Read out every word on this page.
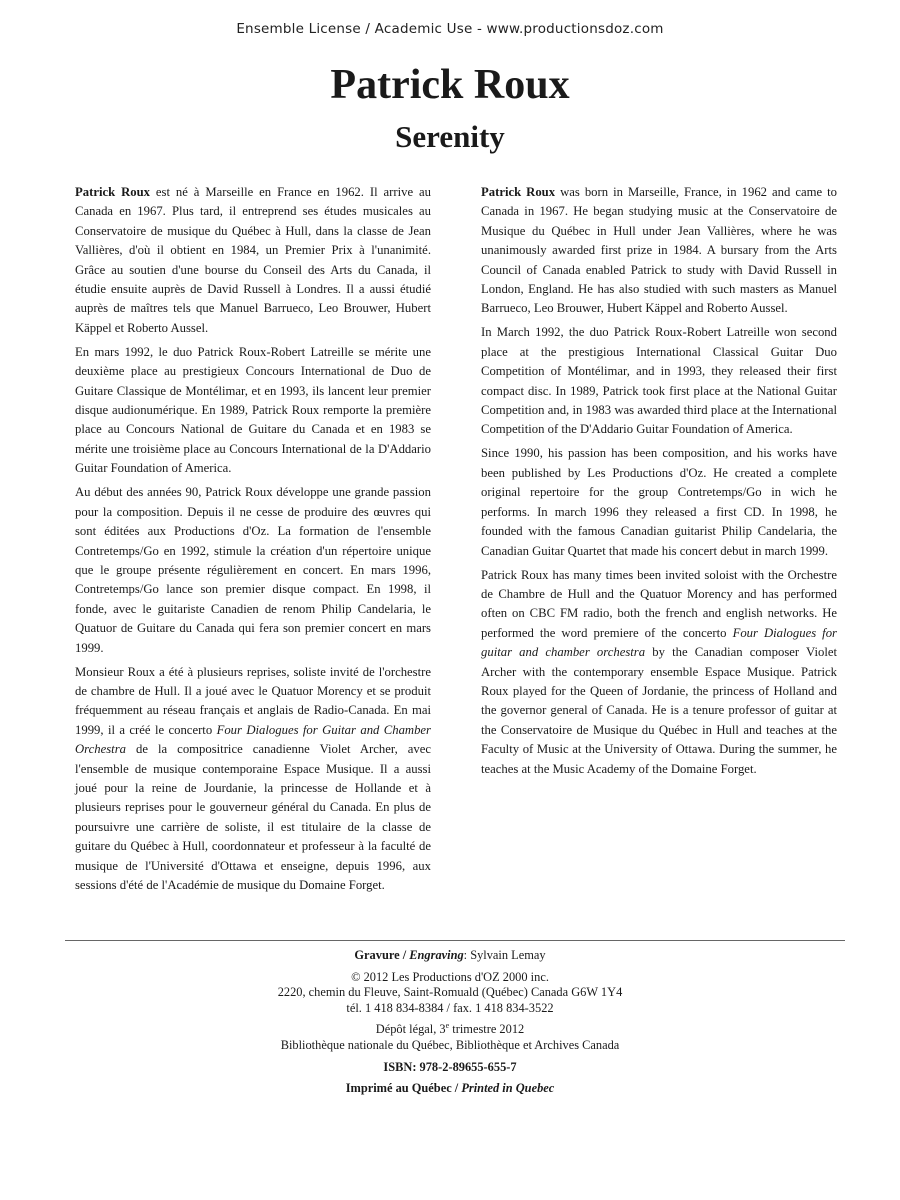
Ensemble License / Academic Use - www.productionsdoz.com
Patrick Roux
Serenity

Patrick Roux est né à Marseille en France en 1962. Il arrive au Canada en 1967. Plus tard, il entreprend ses études musicales au Conservatoire de musique du Québec à Hull, dans la classe de Jean Vallières, d'où il obtient en 1984, un Premier Prix à l'unanimité. Grâce au soutien d'une bourse du Conseil des Arts du Canada, il étudie ensuite auprès de David Russell à Londres. Il a aussi étudié auprès de maîtres tels que Manuel Barrueco, Leo Brouwer, Hubert Käppel et Roberto Aussel.

En mars 1992, le duo Patrick Roux-Robert Latreille se mérite une deuxième place au prestigieux Concours International de Duo de Guitare Classique de Montélimar, et en 1993, ils lancent leur premier disque audionumérique. En 1989, Patrick Roux remporte la première place au Concours National de Guitare du Canada et en 1983 se mérite une troisième place au Concours International de la D'Addario Guitar Foundation of America.

Au début des années 90, Patrick Roux développe une grande passion pour la composition. Depuis il ne cesse de produire des œuvres qui sont éditées aux Productions d'Oz. La formation de l'ensemble Contretemps/Go en 1992, stimule la création d'un répertoire unique que le groupe présente régulièrement en concert. En mars 1996, Contretemps/Go lance son premier disque compact. En 1998, il fonde, avec le guitariste Canadien de renom Philip Candelaria, le Quatuor de Guitare du Canada qui fera son premier concert en mars 1999.

Monsieur Roux a été à plusieurs reprises, soliste invité de l'orchestre de chambre de Hull. Il a joué avec le Quatuor Morency et se produit fréquemment au réseau français et anglais de Radio-Canada. En mai 1999, il a créé le concerto Four Dialogues for Guitar and Chamber Orchestra de la compositrice canadienne Violet Archer, avec l'ensemble de musique contemporaine Espace Musique. Il a aussi joué pour la reine de Jourdanie, la princesse de Hollande et à plusieurs reprises pour le gouverneur général du Canada. En plus de poursuivre une carrière de soliste, il est titulaire de la classe de guitare du Québec à Hull, coordonnateur et professeur à la faculté de musique de l'Université d'Ottawa et enseigne, depuis 1996, aux sessions d'été de l'Académie de musique du Domaine Forget.

Patrick Roux was born in Marseille, France, in 1962 and came to Canada in 1967. He began studying music at the Conservatoire de Musique du Québec in Hull under Jean Vallières, where he was unanimously awarded first prize in 1984. A bursary from the Arts Council of Canada enabled Patrick to study with David Russell in London, England. He has also studied with such masters as Manuel Barrueco, Leo Brouwer, Hubert Käppel and Roberto Aussel.

In March 1992, the duo Patrick Roux-Robert Latreille won second place at the prestigious International Classical Guitar Duo Competition of Montélimar, and in 1993, they released their first compact disc. In 1989, Patrick took first place at the National Guitar Competition and, in 1983 was awarded third place at the International Competition of the D'Addario Guitar Foundation of America.

Since 1990, his passion has been composition, and his works have been published by Les Productions d'Oz. He created a complete original repertoire for the group Contretemps/Go in wich he performs. In march 1996 they released a first CD. In 1998, he founded with the famous Canadian guitarist Philip Candelaria, the Canadian Guitar Quartet that made his concert debut in march 1999.

Patrick Roux has many times been invited soloist with the Orchestre de Chambre de Hull and the Quatuor Morency and has performed often on CBC FM radio, both the french and english networks. He performed the word premiere of the concerto Four Dialogues for guitar and chamber orchestra by the Canadian composer Violet Archer with the contemporary ensemble Espace Musique. Patrick Roux played for the Queen of Jordanie, the princess of Holland and the governor general of Canada. He is a tenure professor of guitar at the Conservatoire de Musique du Québec in Hull and teaches at the Faculty of Music at the University of Ottawa. During the summer, he teaches at the Music Academy of the Domaine Forget.

Gravure / Engraving: Sylvain Lemay
© 2012 Les Productions d'OZ 2000 inc.
2220, chemin du Fleuve, Saint-Romuald (Québec) Canada G6W 1Y4
tél. 1 418 834-8384 / fax. 1 418 834-3522
Dépôt légal, 3e trimestre 2012
Bibliothèque nationale du Québec, Bibliothèque et Archives Canada
ISBN: 978-2-89655-655-7
Imprimé au Québec / Printed in Quebec
